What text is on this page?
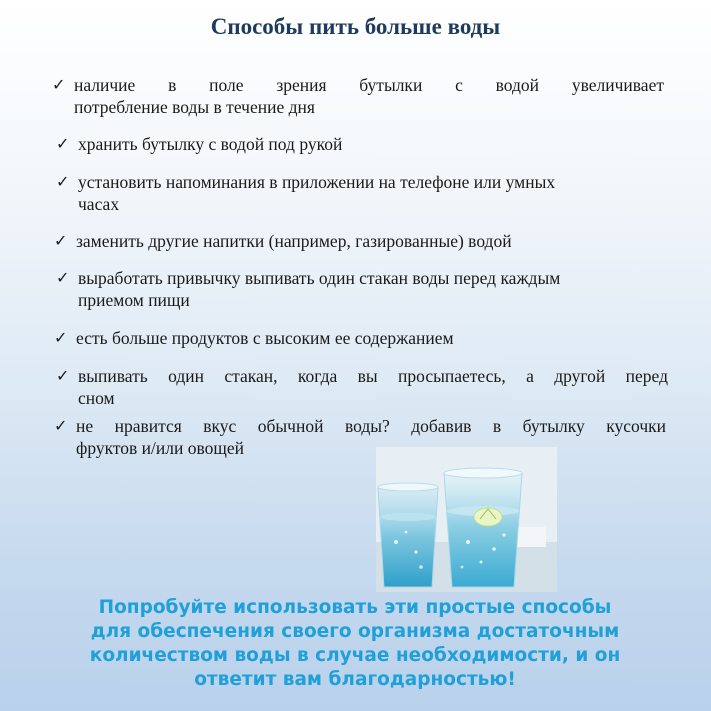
Способы пить больше воды
✓ наличие в поле зрения бутылки с водой увеличивает
потребление воды в течение дня
✓ хранить бутылку с водой под рукой
✓ установить напоминания в приложении на телефоне или умных
часах
✓ заменить другие напитки (например, газированные) водой
✓ выработать привычку выпивать один стакан воды перед каждым
приемом пищи
✓ есть больше продуктов с высоким ее содержанием
✓ выпивать один стакан, когда вы просыпаетесь, а другой перед
сном
✓ не нравится вкус обычной воды? добавив в бутылку кусочки
фруктов и/или овощей
Попробуйте использовать эти простые способы
для обеспечения своего организма достаточным
количеством воды в случае необходимости, и он
ответит вам благодарностью!
